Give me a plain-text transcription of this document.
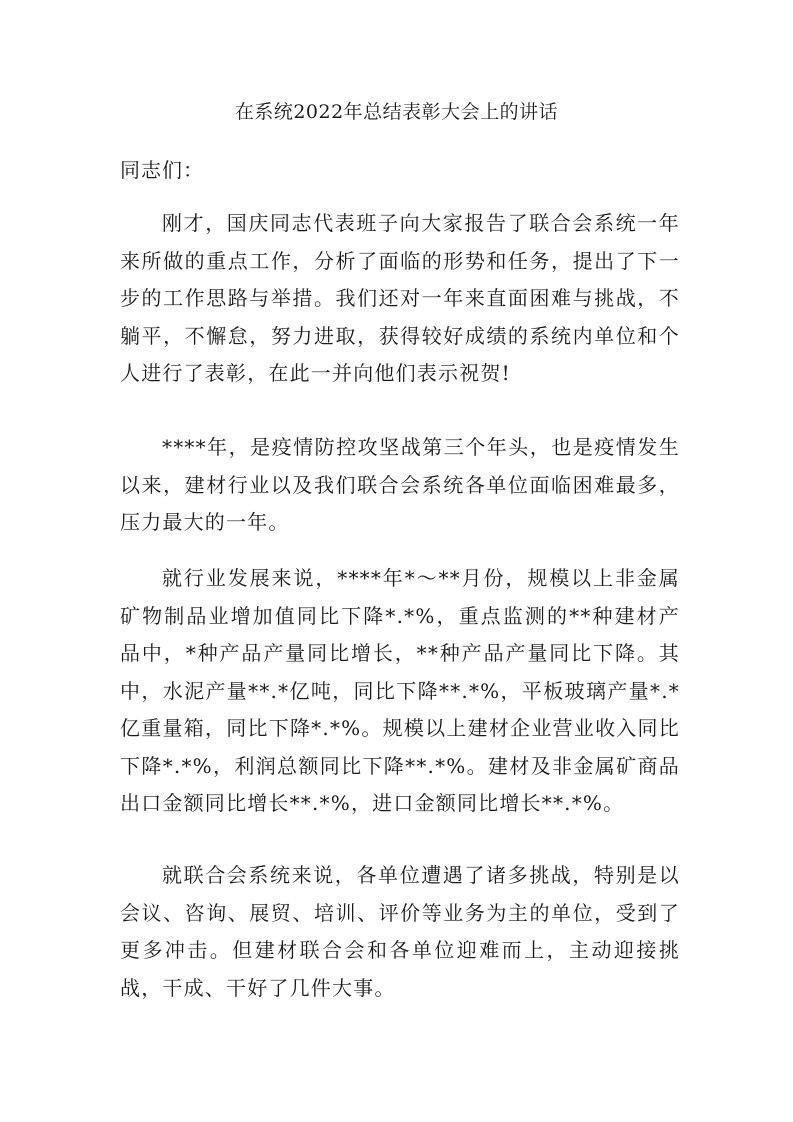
在系统2022年总结表彰大会上的讲话

同志们：

刚才，国庆同志代表班子向大家报告了联合会系统一年来所做的重点工作，分析了面临的形势和任务，提出了下一步的工作思路与举措。我们还对一年来直面困难与挑战，不躺平，不懈怠，努力进取，获得较好成绩的系统内单位和个人进行了表彰，在此一并向他们表示祝贺!

****年，是疫情防控攻坚战第三个年头，也是疫情发生以来，建材行业以及我们联合会系统各单位面临困难最多，压力最大的一年。

就行业发展来说，****年*～**月份，规模以上非金属矿物制品业增加值同比下降*.*%，重点监测的**种建材产品中，*种产品产量同比增长，**种产品产量同比下降。其中，水泥产量**.*亿吨，同比下降**.*%，平板玻璃产量*.*亿重量箱，同比下降*.*%。规模以上建材企业营业收入同比下降*.*%，利润总额同比下降**.*%。建材及非金属矿商品出口金额同比增长**.*%，进口金额同比增长**.*%。

就联合会系统来说，各单位遭遇了诸多挑战，特别是以会议、咨询、展贸、培训、评价等业务为主的单位，受到了更多冲击。但建材联合会和各单位迎难而上，主动迎接挑战，干成、干好了几件大事。
